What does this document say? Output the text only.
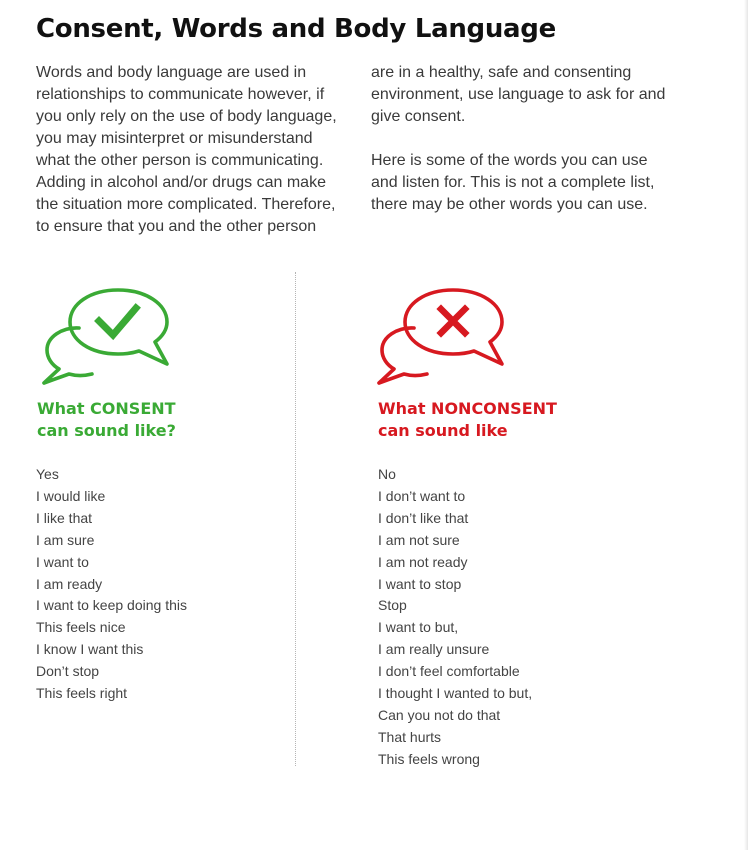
Consent, Words and Body Language

Words and body language are used in
relationships to communicate however, if
you only rely on the use of body language,
you may misinterpret or misunderstand
what the other person is communicating.
Adding in alcohol and/or drugs can make
the situation more complicated. Therefore,
to ensure that you and the other person

are in a healthy, safe and consenting
environment, use language to ask for and
give consent.

Here is some of the words you can use
and listen for. This is not a complete list,
there may be other words you can use.

What CONSENT
can sound like?
What NONCONSENT
can sound like
Yes
I would like
I like that
I am sure
I want to
I am ready
I want to keep doing this
This feels nice
I know I want this
Don’t stop
This feels right
No
I don’t want to
I don’t like that
I am not sure
I am not ready
I want to stop
Stop
I want to but,
I am really unsure
I don’t feel comfortable
I thought I wanted to but,
Can you not do that
That hurts
This feels wrong
